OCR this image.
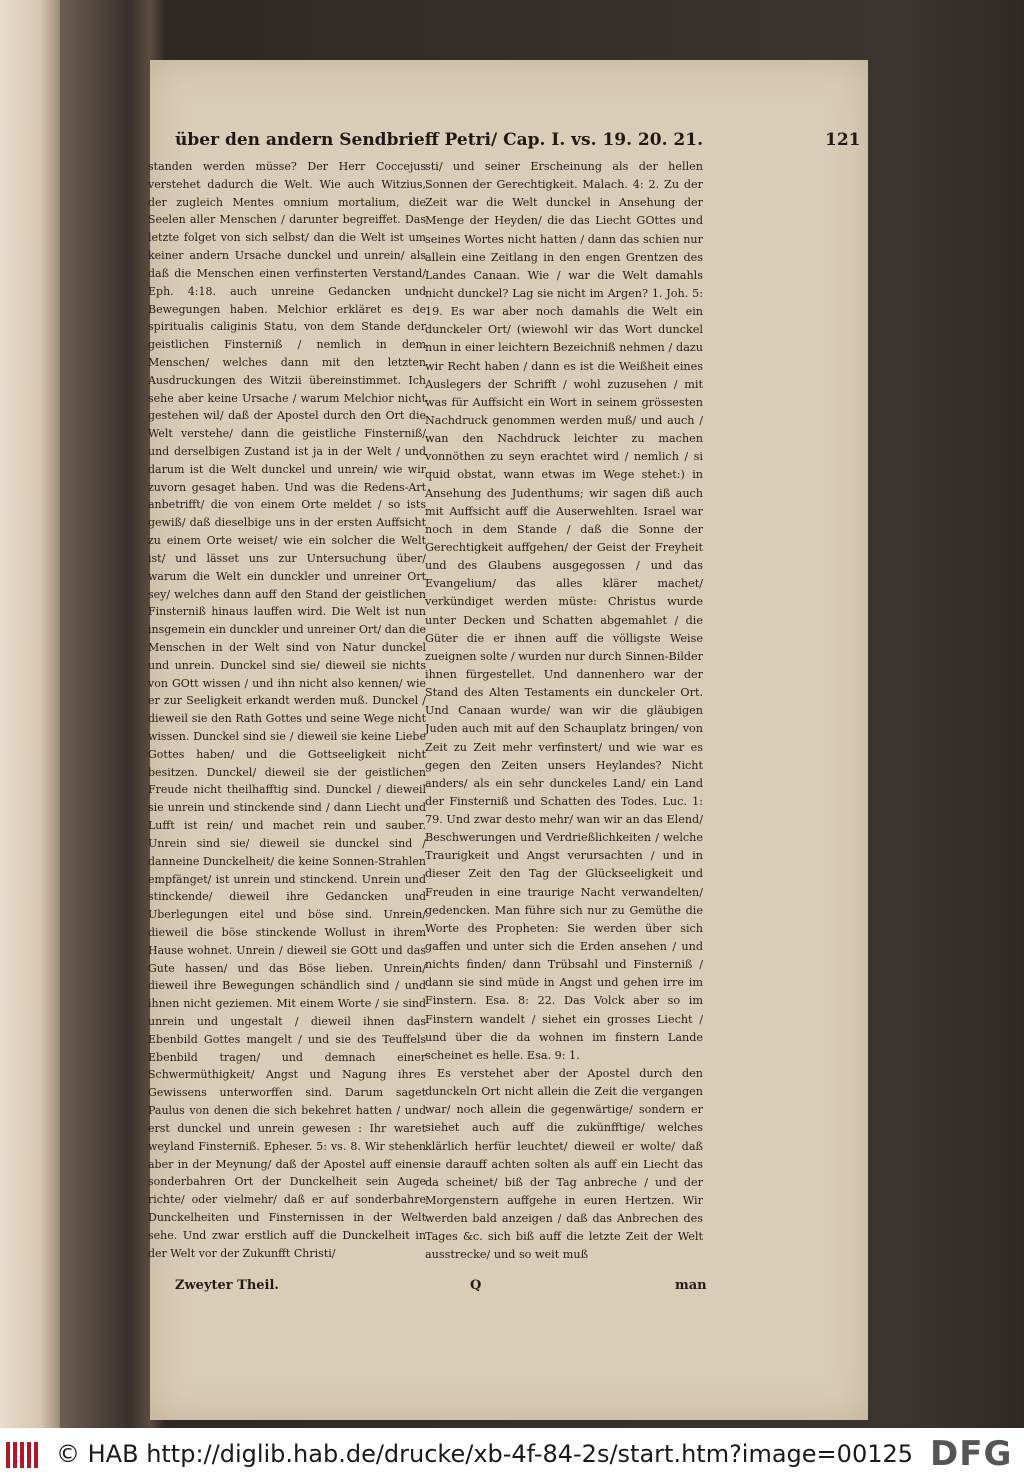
über den andern Sendbrieff Petri/ Cap. I. vs. 19. 20. 21.	121

standen werden müsse? Der Herr Coccejus verstehet dadurch die Welt. Wie auch Witzius, der zugleich Mentes omnium mortalium, die Seelen aller Menschen / darunter begreiffet. Das letzte folget von sich selbst/ dan die Welt ist um keiner andern Ursache dunckel und unrein/ als daß die Menschen einen verfinsterten Verstand/ Eph. 4:18. auch unreine Gedancken und Bewegungen haben. Melchior erkläret es de spiritualis caliginis Statu, von dem Stande der geistlichen Finsterniß / nemlich in dem Menschen/ welches dann mit den letzten Ausdruckungen des Witzii übereinstimmet. Ich sehe aber keine Ursache / warum Melchior nicht gestehen wil/ daß der Apostel durch den Ort die Welt verstehe/ dann die geistliche Finsterniß/ und derselbigen Zustand ist ja in der Welt / und darum ist die Welt dunckel und unrein/ wie wir zuvorn gesaget haben. Und was die Redens-Art anbetrifft/ die von einem Orte meldet / so ists gewiß/ daß dieselbige uns in der ersten Auffsicht zu einem Orte weiset/ wie ein solcher die Welt ist/ und lässet uns zur Untersuchung über/ warum die Welt ein dunckler und unreiner Ort sey/ welches dann auff den Stand der geistlichen Finsterniß hinaus lauffen wird. Die Welt ist nun insgemein ein dunckler und unreiner Ort/ dan die Menschen in der Welt sind von Natur dunckel und unrein. Dunckel sind sie/ dieweil sie nichts von GOtt wissen / und ihn nicht also kennen/ wie er zur Seeligkeit erkandt werden muß. Dunckel / dieweil sie den Rath Gottes und seine Wege nicht wissen. Dunckel sind sie / dieweil sie keine Liebe Gottes haben/ und die Gottseeligkeit nicht besitzen. Dunckel/ dieweil sie der geistlichen Freude nicht theilhafftig sind. Dunckel / dieweil sie unrein und stinckende sind / dann Liecht und Lufft ist rein/ und machet rein und sauber. Unrein sind sie/ dieweil sie dunckel sind / danneine Dunckelheit/ die keine Sonnen-Strahlen empfänget/ ist unrein und stinckend. Unrein und stinckende/ dieweil ihre Gedancken und Uberlegungen eitel und böse sind. Unrein/ dieweil die böse stinckende Wollust in ihrem Hause wohnet. Unrein / dieweil sie GOtt und das Gute hassen/ und das Böse lieben. Unrein/ dieweil ihre Bewegungen schändlich sind / und ihnen nicht geziemen. Mit einem Worte / sie sind unrein und ungestalt / dieweil ihnen das Ebenbild Gottes mangelt / und sie des Teuffels Ebenbild tragen/ und demnach einer Schwermüthigkeit/ Angst und Nagung ihres Gewissens unterworffen sind. Darum saget Paulus von denen die sich bekehret hatten / und erst dunckel und unrein gewesen : Ihr waret weyland Finsterniß. Epheser. 5: vs. 8. Wir stehen aber in der Meynung/ daß der Apostel auff einen sonderbahren Ort der Dunckelheit sein Auge richte/ oder vielmehr/ daß er auf sonderbahre Dunckelheiten und Finsternissen in der Welt sehe. Und zwar erstlich auff die Dunckelheit in der Welt vor der Zukunfft Christi/

sti/ und seiner Erscheinung als der hellen Sonnen der Gerechtigkeit. Malach. 4: 2. Zu der Zeit war die Welt dunckel in Ansehung der Menge der Heyden/ die das Liecht GOttes und seines Wortes nicht hatten / dann das schien nur allein eine Zeitlang in den engen Grentzen des Landes Canaan. Wie / war die Welt damahls nicht dunckel? Lag sie nicht im Argen? 1. Joh. 5: 19. Es war aber noch damahls die Welt ein dunckeler Ort/ (wiewohl wir das Wort dunckel nun in einer leichtern Bezeichniß nehmen / dazu wir Recht haben / dann es ist die Weißheit eines Auslegers der Schrifft / wohl zuzusehen / mit was für Auffsicht ein Wort in seinem grössesten Nachdruck genommen werden muß/ und auch / wan den Nachdruck leichter zu machen vonnöthen zu seyn erachtet wird / nemlich / si quid obstat, wann etwas im Wege stehet:) in Ansehung des Judenthums; wir sagen diß auch mit Auffsicht auff die Auserwehlten. Israel war noch in dem Stande / daß die Sonne der Gerechtigkeit auffgehen/ der Geist der Freyheit und des Glaubens ausgegossen / und das Evangelium/ das alles klärer machet/ verkündiget werden müste: Christus wurde unter Decken und Schatten abgemahlet / die Güter die er ihnen auff die völligste Weise zueignen solte / wurden nur durch Sinnen-Bilder ihnen fürgestellet. Und dannenhero war der Stand des Alten Testaments ein dunckeler Ort. Und Canaan wurde/ wan wir die gläubigen Juden auch mit auf den Schauplatz bringen/ von Zeit zu Zeit mehr verfinstert/ und wie war es gegen den Zeiten unsers Heylandes? Nicht anders/ als ein sehr dunckeles Land/ ein Land der Finsterniß und Schatten des Todes. Luc. 1: 79. Und zwar desto mehr/ wan wir an das Elend/ Beschwerungen und Verdrießlichkeiten / welche Traurigkeit und Angst verursachten / und in dieser Zeit den Tag der Glückseeligkeit und Freuden in eine traurige Nacht verwandelten/ gedencken. Man führe sich nur zu Gemüthe die Worte des Propheten: Sie werden über sich gaffen und unter sich die Erden ansehen / und nichts finden/ dann Trübsahl und Finsterniß / dann sie sind müde in Angst und gehen irre im Finstern. Esa. 8: 22. Das Volck aber so im Finstern wandelt / siehet ein grosses Liecht / und über die da wohnen im finstern Lande scheinet es helle. Esa. 9: 1.

Es verstehet aber der Apostel durch den dunckeln Ort nicht allein die Zeit die vergangen war/ noch allein die gegenwärtige/ sondern er siehet auch auff die zukünfftige/ welches klärlich herfür leuchtet/ dieweil er wolte/ daß sie darauff achten solten als auff ein Liecht das da scheinet/ biß der Tag anbreche / und der Morgenstern auffgehe in euren Hertzen. Wir werden bald anzeigen / daß das Anbrechen des Tages &c. sich biß auff die letzte Zeit der Welt ausstrecke/ und so weit muß

Zweyter Theil.	Q	man
© HAB http://diglib.hab.de/drucke/xb-4f-84-2s/start.htm?image=00125 DFG
